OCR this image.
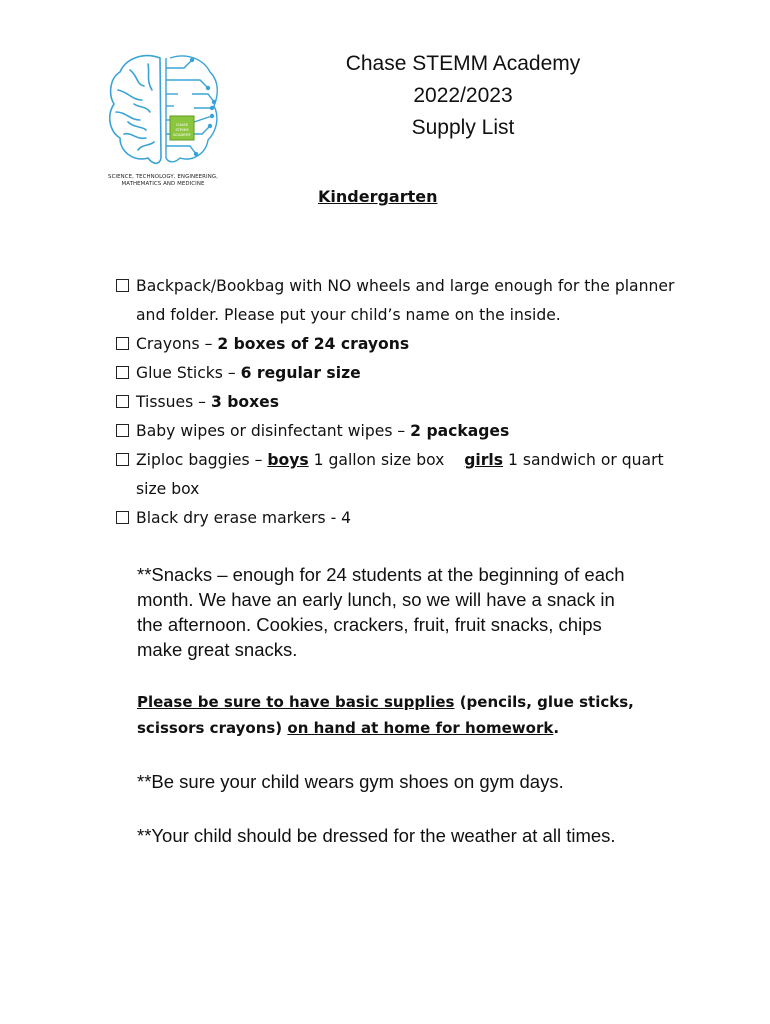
CHASE
STEMM
ACADEMY
SCIENCE, TECHNOLOGY, ENGINEERING,
MATHEMATICS AND MEDICINE
Chase STEMM Academy
2022/2023
Supply List
Kindergarten
Backpack/Bookbag with NO wheels and large enough for the planner and folder. Please put your child’s name on the inside.
Crayons – 2 boxes of 24 crayons
Glue Sticks – 6 regular size
Tissues – 3 boxes
Baby wipes or disinfectant wipes – 2 packages
Ziploc baggies – boys 1 gallon size box    girls 1 sandwich or quart size box
Black dry erase markers - 4
**Snacks – enough for 24 students at the beginning of each month. We have an early lunch, so we will have a snack in the afternoon. Cookies, crackers, fruit, fruit snacks, chips make great snacks.
Please be sure to have basic supplies (pencils, glue sticks, scissors crayons) on hand at home for homework.
**Be sure your child wears gym shoes on gym days.
**Your child should be dressed for the weather at all times.
